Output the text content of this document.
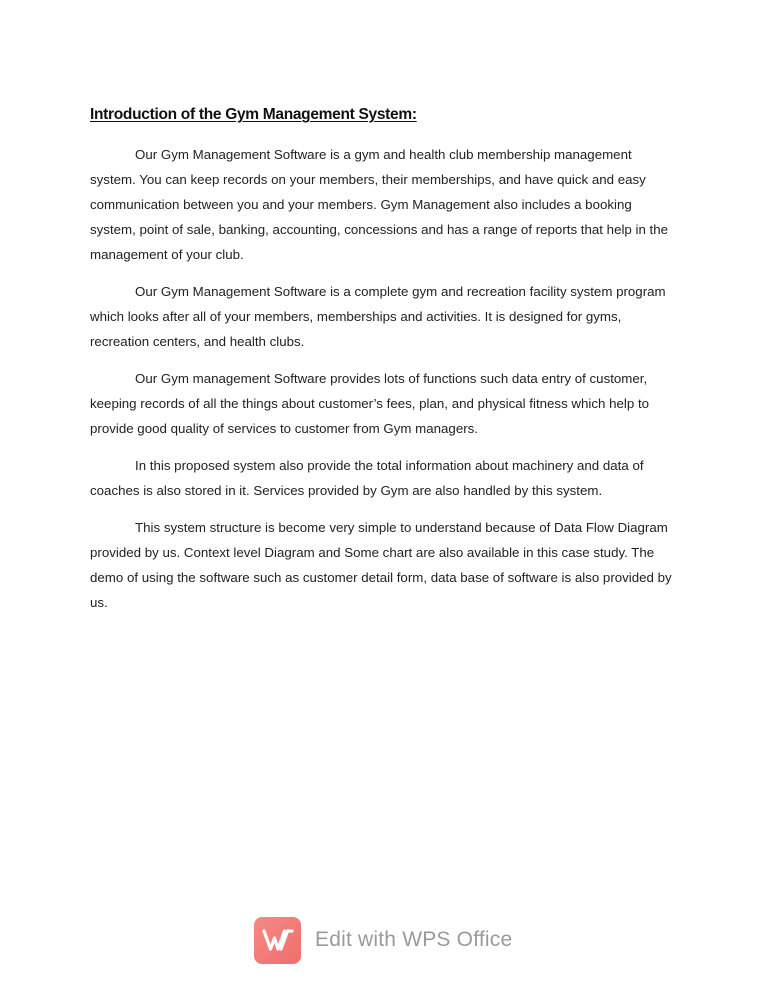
Introduction of the Gym Management System:

Our Gym Management Software is a gym and health club membership management system. You can keep records on your members, their memberships, and have quick and easy communication between you and your members. Gym Management also includes a booking system, point of sale, banking, accounting, concessions and has a range of reports that help in the management of your club.

Our Gym Management Software is a complete gym and recreation facility system program which looks after all of your members, memberships and activities. It is designed for gyms, recreation centers, and health clubs.

Our Gym management Software provides lots of functions such data entry of customer, keeping records of all the things about customer’s fees, plan, and physical fitness which help to provide good quality of services to customer from Gym managers.

In this proposed system also provide the total information about machinery and data of coaches is also stored in it. Services provided by Gym are also handled by this system.

This system structure is become very simple to understand because of Data Flow Diagram provided by us. Context level Diagram and Some chart are also available in this case study. The demo of using the software such as customer detail form, data base of software is also provided by us.

Edit with WPS Office
